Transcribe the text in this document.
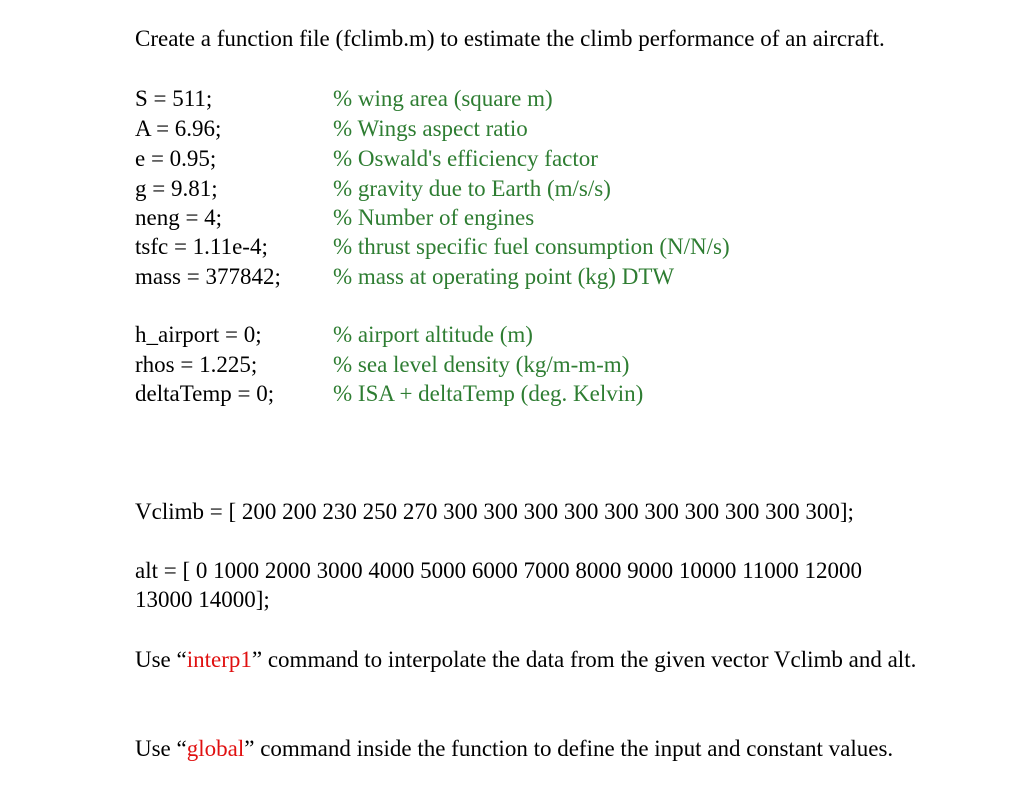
Create a function file (fclimb.m) to estimate the climb performance of an aircraft.
S = 511;	% wing area (square m)
A = 6.96;	% Wings aspect ratio
e = 0.95;	% Oswald's efficiency factor
g = 9.81;	% gravity due to Earth (m/s/s)
neng = 4;	% Number of engines
tsfc = 1.11e-4;	% thrust specific fuel consumption (N/N/s)
mass = 377842; % mass at operating point (kg) DTW
h_airport = 0;	% airport altitude (m)
rhos = 1.225;	% sea level density (kg/m-m-m)
deltaTemp = 0;	% ISA + deltaTemp (deg. Kelvin)
Vclimb = [ 200 200 230 250 270 300 300 300 300 300 300 300 300 300 300];
alt = [ 0 1000 2000 3000 4000 5000 6000 7000 8000 9000 10000 11000 12000
13000 14000];
Use “interp1” command to interpolate the data from the given vector Vclimb and alt.
Use “global” command inside the function to define the input and constant values.
